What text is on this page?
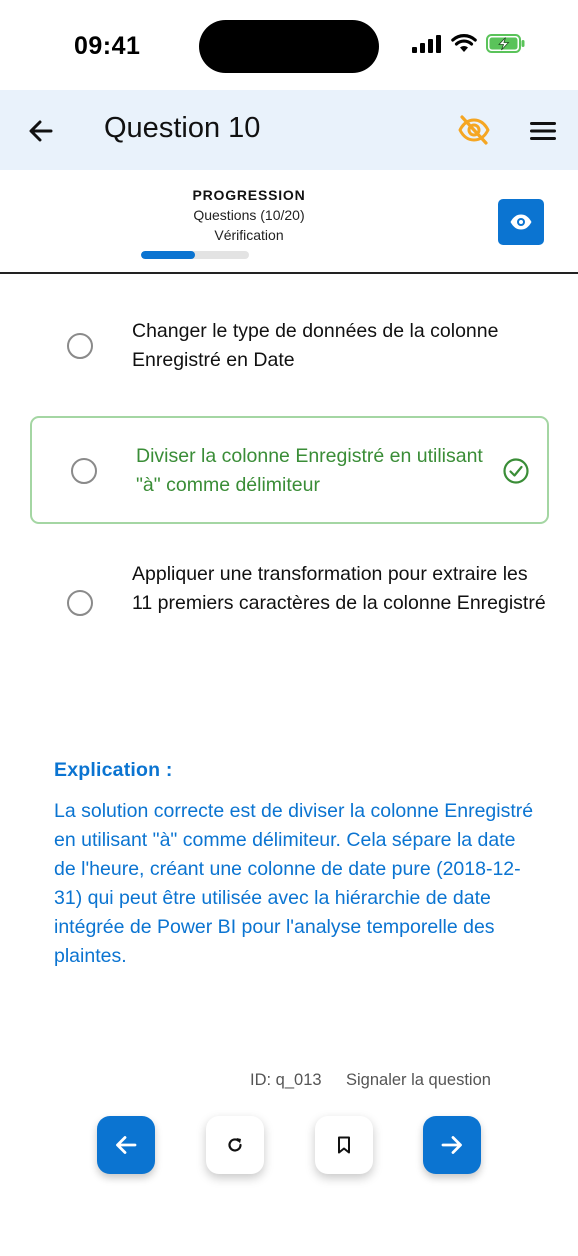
09:41
Question 10
PROGRESSION
Questions (10/20)
Vérification
Changer le type de données de la colonne Enregistré en Date
Diviser la colonne Enregistré en utilisant "à" comme délimiteur
Appliquer une transformation pour extraire les 11 premiers caractères de la colonne Enregistré
Explication :
La solution correcte est de diviser la colonne Enregistré en utilisant "à" comme délimiteur. Cela sépare la date de l'heure, créant une colonne de date pure (2018-12-31) qui peut être utilisée avec la hiérarchie de date intégrée de Power BI pour l'analyse temporelle des plaintes.
ID: q_013 Signaler la question
